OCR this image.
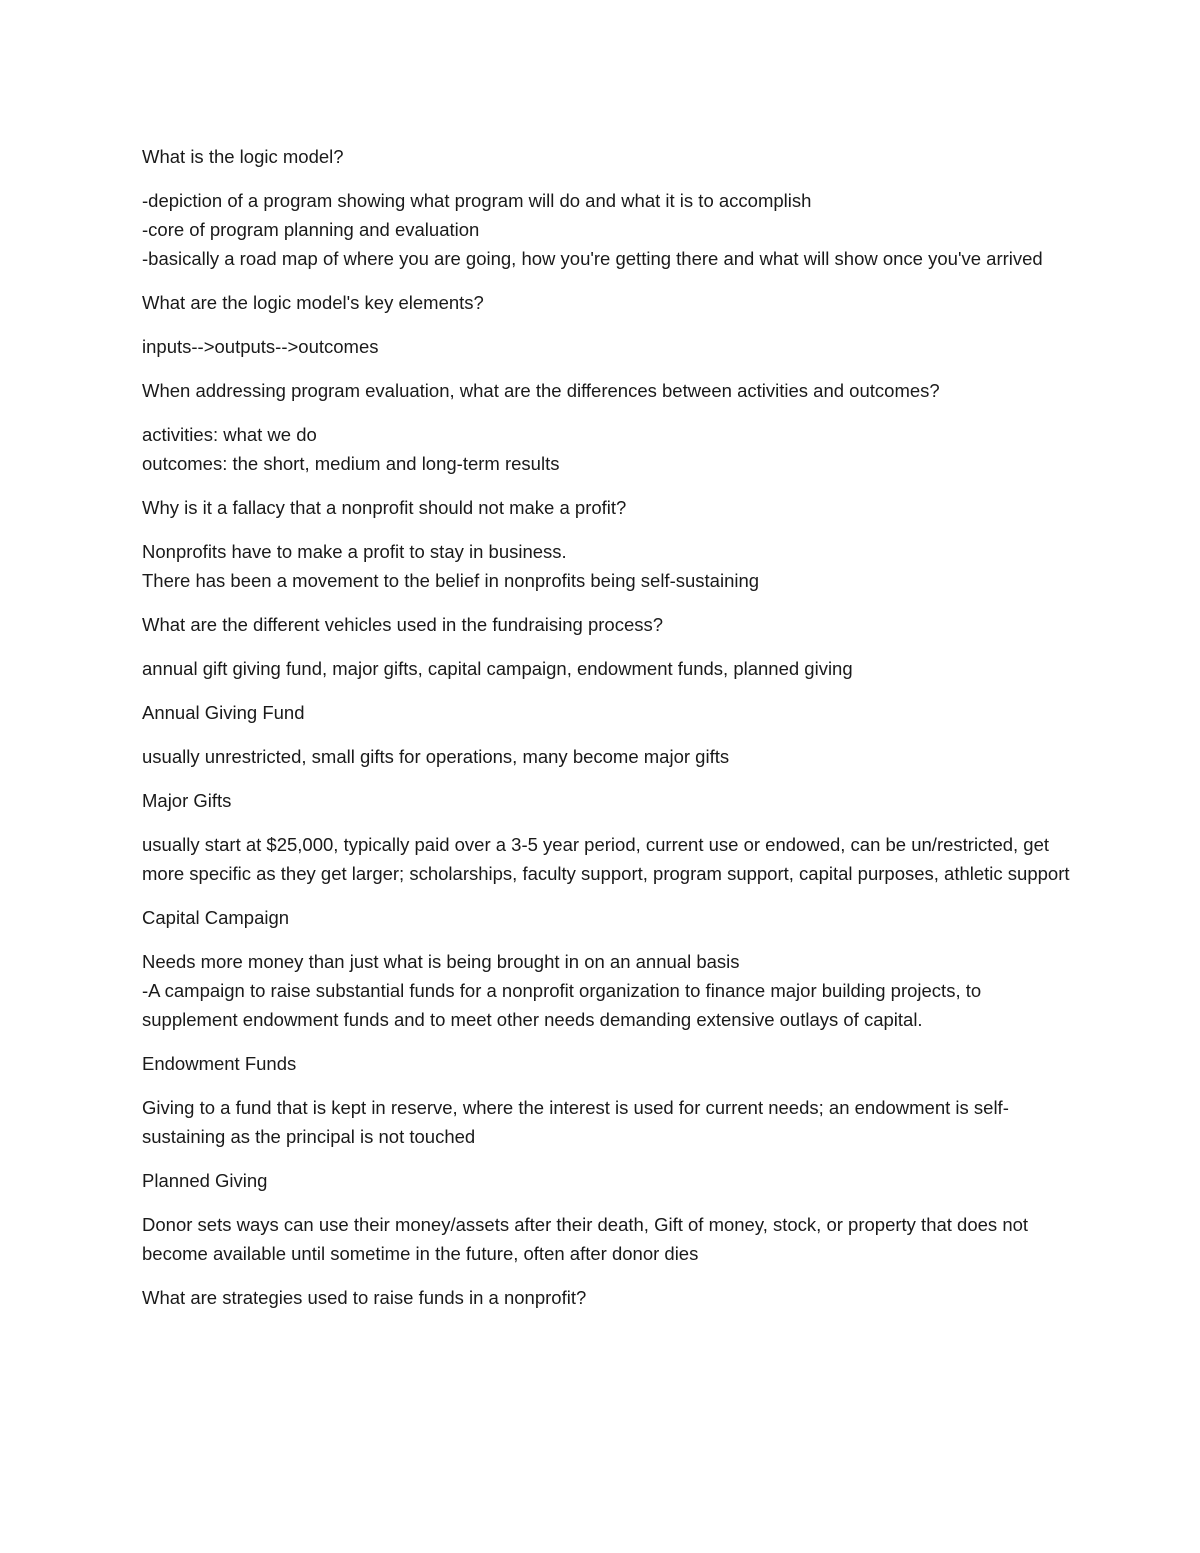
What is the logic model?
-depiction of a program showing what program will do and what it is to accomplish
-core of program planning and evaluation
-basically a road map of where you are going, how you're getting there and what will show once you've arrived
What are the logic model's key elements?
inputs-->outputs-->outcomes
When addressing program evaluation, what are the differences between activities and outcomes?
activities: what we do
outcomes: the short, medium and long-term results
Why is it a fallacy that a nonprofit should not make a profit?
Nonprofits have to make a profit to stay in business.
There has been a movement to the belief in nonprofits being self-sustaining
What are the different vehicles used in the fundraising process?
annual gift giving fund, major gifts, capital campaign, endowment funds, planned giving
Annual Giving Fund
usually unrestricted, small gifts for operations, many become major gifts
Major Gifts
usually start at $25,000, typically paid over a 3-5 year period, current use or endowed, can be un/restricted, get more specific as they get larger; scholarships, faculty support, program support, capital purposes, athletic support
Capital Campaign
Needs more money than just what is being brought in on an annual basis
-A campaign to raise substantial funds for a nonprofit organization to finance major building projects, to supplement endowment funds and to meet other needs demanding extensive outlays of capital.
Endowment Funds
Giving to a fund that is kept in reserve, where the interest is used for current needs; an endowment is self-sustaining as the principal is not touched
Planned Giving
Donor sets ways can use their money/assets after their death, Gift of money, stock, or property that does not become available until sometime in the future, often after donor dies
What are strategies used to raise funds in a nonprofit?
